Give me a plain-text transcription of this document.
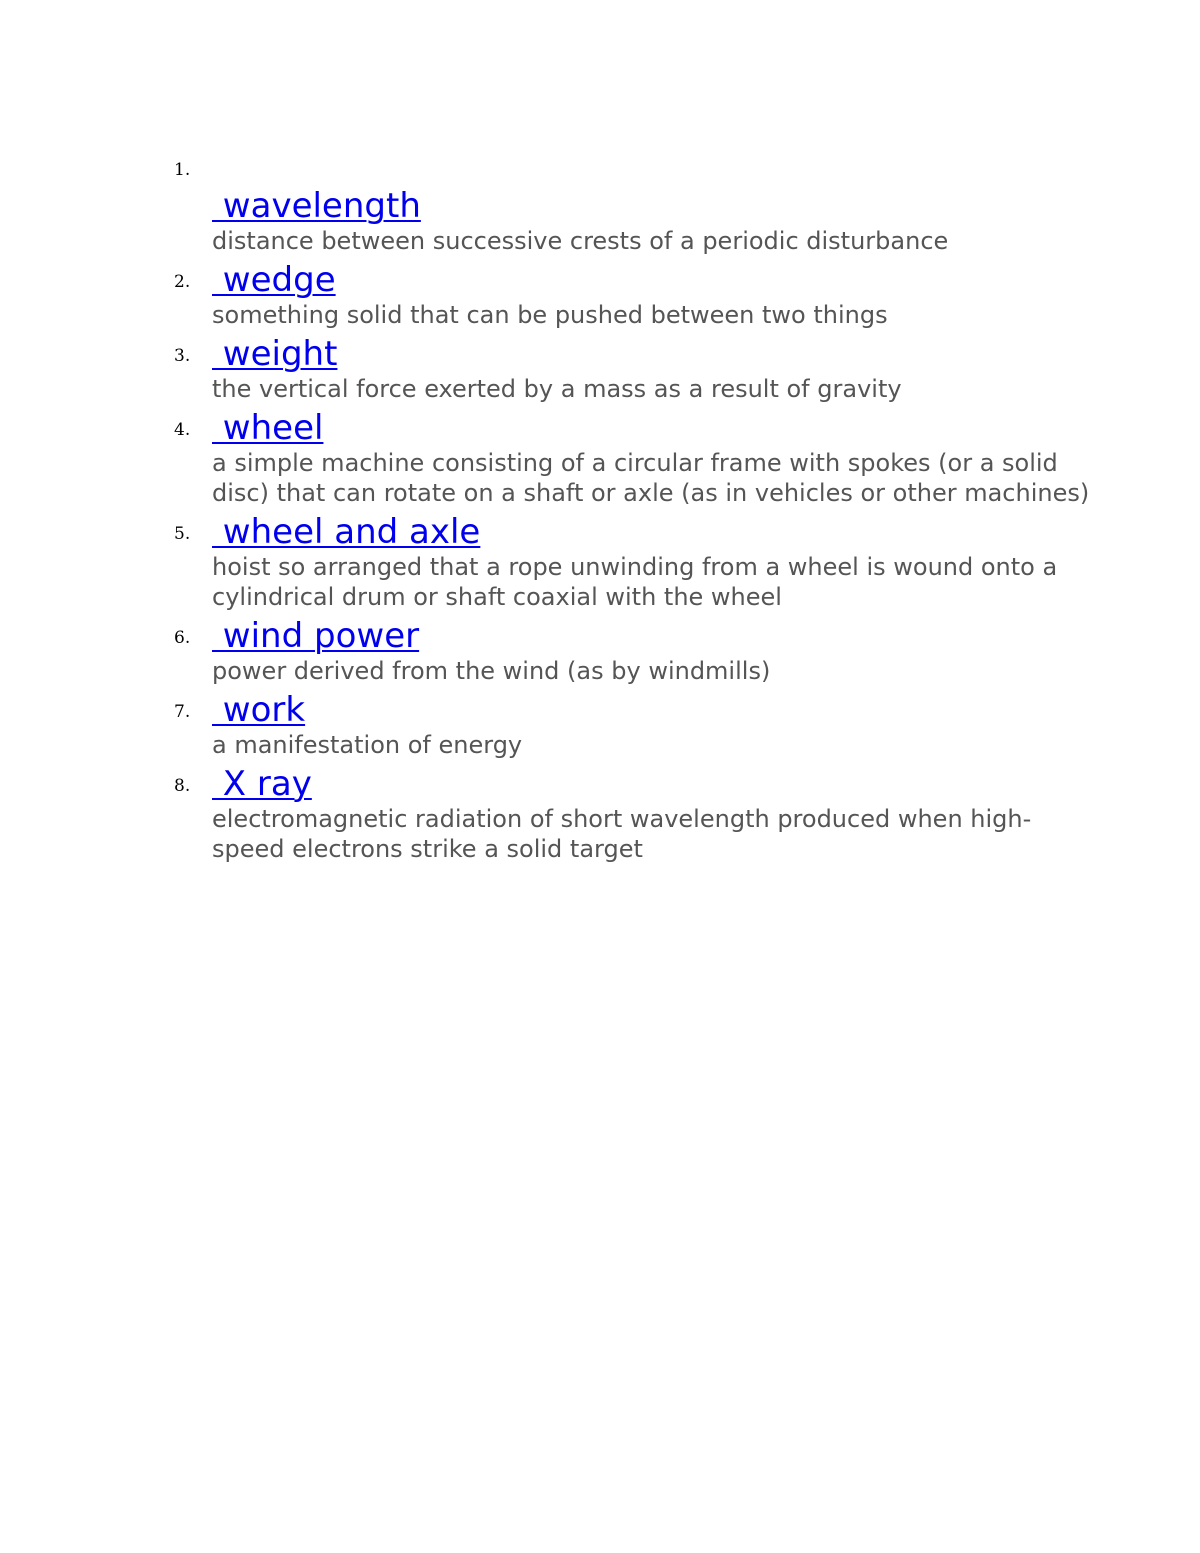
1.
wavelength
distance between successive crests of a periodic disturbance
2. wedge
something solid that can be pushed between two things
3. weight
the vertical force exerted by a mass as a result of gravity
4. wheel
a simple machine consisting of a circular frame with spokes (or a solid disc) that can rotate on a shaft or axle (as in vehicles or other machines)
5. wheel and axle
hoist so arranged that a rope unwinding from a wheel is wound onto a cylindrical drum or shaft coaxial with the wheel
6. wind power
power derived from the wind (as by windmills)
7. work
a manifestation of energy
8. X ray
electromagnetic radiation of short wavelength produced when high-speed electrons strike a solid target
